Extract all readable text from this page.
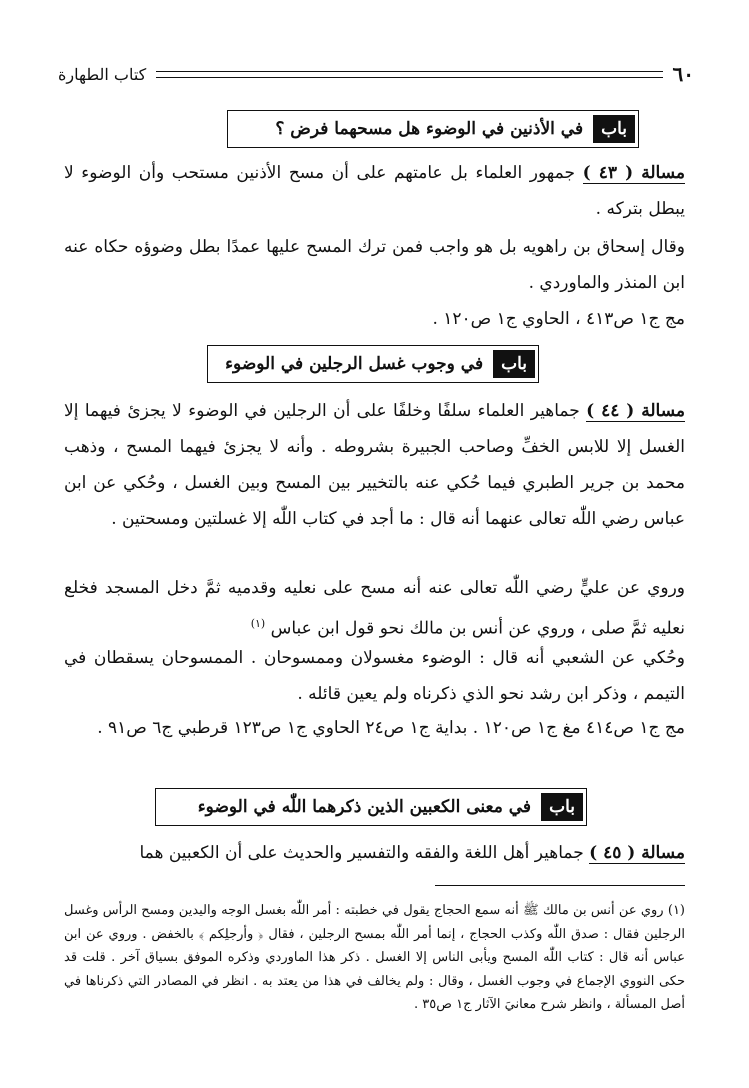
٦٠
كتاب الطهارة
باب
في الأذنين في الوضوء هل مسحهما فرض ؟

مسالة ( ٤٣ ) جمهور العلماء بل عامتهم على أن مسح الأذنين مستحب وأن الوضوء لا يبطل بتركه .

وقال إسحاق بن راهويه بل هو واجب فمن ترك المسح عليها عمدًا بطل وضوؤه حكاه عنه ابن المنذر والماوردي .

مج ج١ ص٤١٣ ، الحاوي ج١ ص١٢٠ .

باب
في وجوب غسل الرجلين في الوضوء

مسالة ( ٤٤ ) جماهير العلماء سلفًا وخلفًا على أن الرجلين في الوضوء لا يجزئ فيهما إلا الغسل إلا للابس الخفِّ وصاحب الجبيرة بشروطه . وأنه لا يجزئ فيهما المسح ، وذهب محمد بن جرير الطبري فيما حُكي عنه بالتخيير بين المسح وبين الغسل ، وحُكي عن ابن عباس رضي اللّٰه تعالى عنهما أنه قال : ما أجد في كتاب اللّٰه إلا غسلتين ومسحتين .

وروي عن عليٍّ رضي اللّٰه تعالى عنه أنه مسح على نعليه وقدميه ثمَّ دخل المسجد فخلع نعليه ثمَّ صلى ، وروي عن أنس بن مالك نحو قول ابن عباس $^{(١)}$

وحُكي عن الشعبي أنه قال : الوضوء مغسولان وممسوحان . الممسوحان يسقطان في التيمم ، وذكر ابن رشد نحو الذي ذكرناه ولم يعين قائله .

مج ج١ ص٤١٤ مغ ج١ ص١٢٠ . بداية ج١ ص٢٤ الحاوي ج١ ص١٢٣ قرطبي ج٦ ص٩١ .

باب
في معنى الكعبين الذين ذكرهما اللّٰه في الوضوء

مسالة ( ٤٥ ) جماهير أهل اللغة والفقه والتفسير والحديث على أن الكعبين هما

(١) روي عن أنس بن مالك ﷺ أنه سمع الحجاج يقول في خطبته : أمر اللّٰه بغسل الوجه واليدين ومسح الرأس وغسل الرجلين فقال : صدق اللّٰه وكذب الحجاج ، إنما أمر اللّٰه بمسح الرجلين ، فقال ﴿ وأرجلِكم ﴾ بالخفض . وروي عن ابن عباس أنه قال : كتاب اللّٰه المسح ويأبى الناس إلا الغسل . ذكر هذا الماوردي وذكره الموفق بسياق آخر . قلت قد حكى النووي الإجماع في وجوب الغسل ، وقال : ولم يخالف في هذا من يعتد به . انظر في المصادر التي ذكرناها في أصل المسألة ، وانظر شرح معانيَ الآثار ج١ ص٣٥ .
